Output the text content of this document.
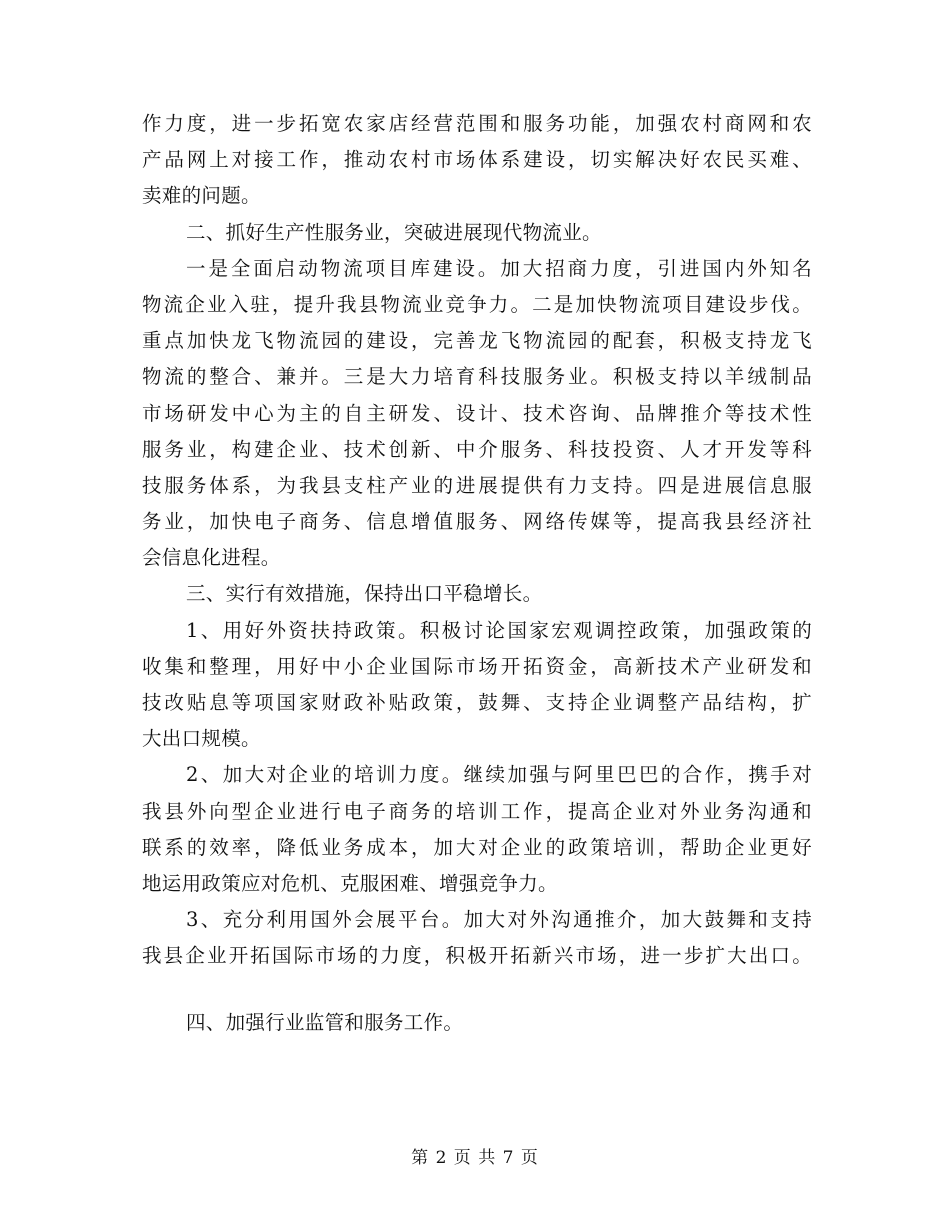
作力度，进一步拓宽农家店经营范围和服务功能，加强农村商网和农
产品网上对接工作，推动农村市场体系建设，切实解决好农民买难、
卖难的问题。
二、抓好生产性服务业，突破进展现代物流业。
一是全面启动物流项目库建设。加大招商力度，引进国内外知名
物流企业入驻，提升我县物流业竞争力。二是加快物流项目建设步伐。
重点加快龙飞物流园的建设，完善龙飞物流园的配套，积极支持龙飞
物流的整合、兼并。三是大力培育科技服务业。积极支持以羊绒制品
市场研发中心为主的自主研发、设计、技术咨询、品牌推介等技术性
服务业，构建企业、技术创新、中介服务、科技投资、人才开发等科
技服务体系，为我县支柱产业的进展提供有力支持。四是进展信息服
务业，加快电子商务、信息增值服务、网络传媒等，提高我县经济社
会信息化进程。
三、实行有效措施，保持出口平稳增长。
1、用好外资扶持政策。积极讨论国家宏观调控政策，加强政策的
收集和整理，用好中小企业国际市场开拓资金，高新技术产业研发和
技改贴息等项国家财政补贴政策，鼓舞、支持企业调整产品结构，扩
大出口规模。
2、加大对企业的培训力度。继续加强与阿里巴巴的合作，携手对
我县外向型企业进行电子商务的培训工作，提高企业对外业务沟通和
联系的效率，降低业务成本，加大对企业的政策培训，帮助企业更好
地运用政策应对危机、克服困难、增强竞争力。
3、充分利用国外会展平台。加大对外沟通推介，加大鼓舞和支持
我县企业开拓国际市场的力度，积极开拓新兴市场，进一步扩大出口。
四、加强行业监管和服务工作。
第 2 页 共 7 页
